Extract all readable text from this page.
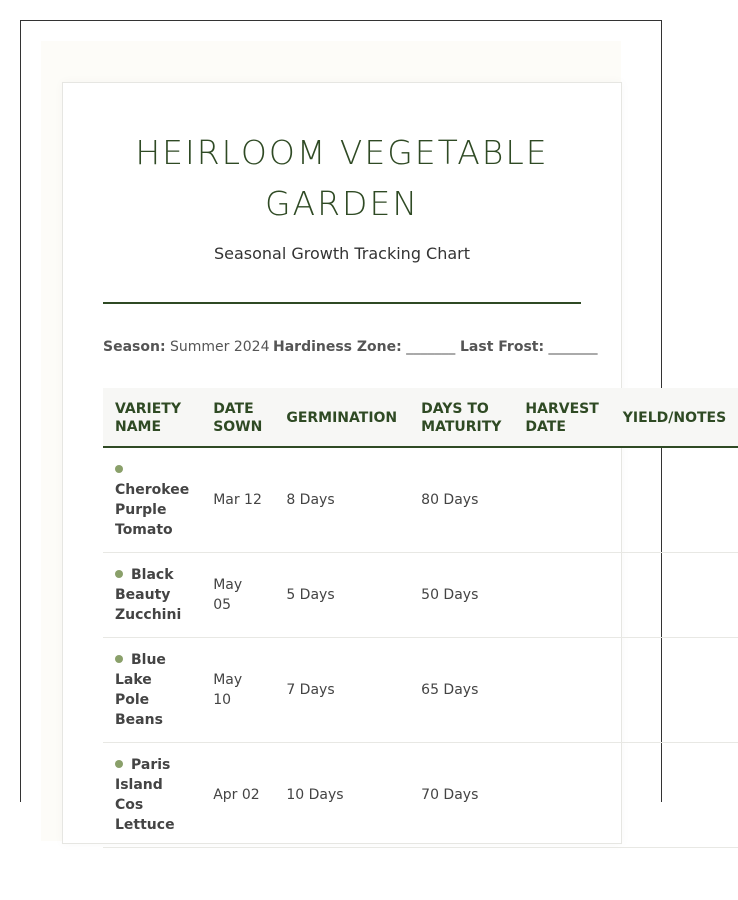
HEIRLOOM VEGETABLE GARDEN
Seasonal Growth Tracking Chart
Season: Summer 2024 Hardiness Zone: _______ Last Frost: _______
VARIETY NAME	DATE SOWN	GERMINATION	DAYS TO MATURITY	HARVEST DATE	YIELD/NOTES
Cherokee Purple Tomato	Mar 12	8 Days	80 Days		
Black Beauty Zucchini	May 05	5 Days	50 Days		
Blue Lake Pole Beans	May 10	7 Days	65 Days		
Paris Island Cos Lettuce	Apr 02	10 Days	70 Days		
